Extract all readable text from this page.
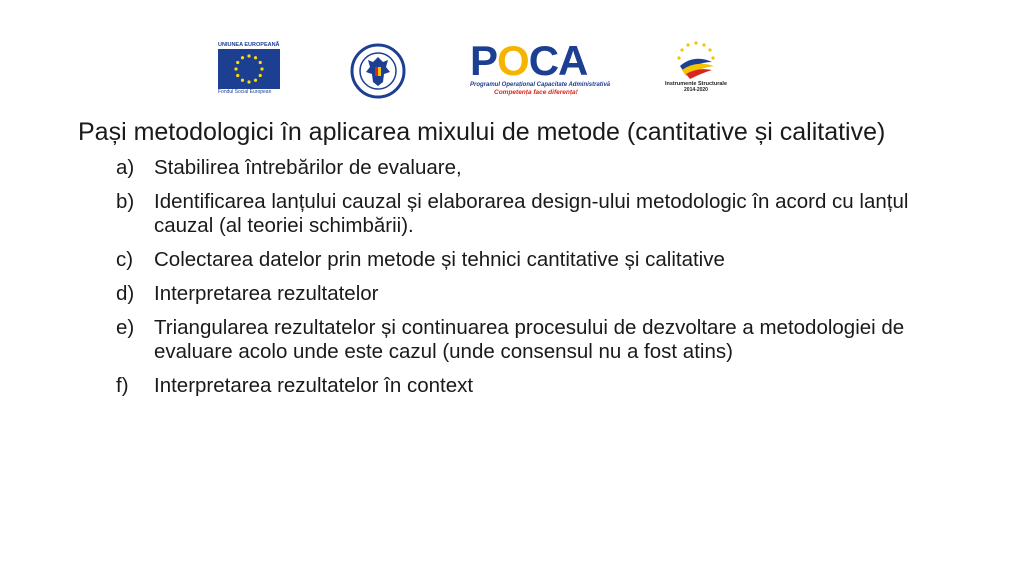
UNIUNEA EUROPEANĂ
Fondul Social European
POCA
Programul Operațional Capacitate Administrativă
Competența face diferența!
Instrumente Structurale
2014-2020
Pași metodologici în aplicarea mixului de metode (cantitative și calitative)
a) Stabilirea întrebărilor de evaluare,
b) Identificarea lanțului cauzal și elaborarea design-ului metodologic în acord cu lanțul cauzal (al teoriei schimbării).
c) Colectarea datelor prin metode și tehnici cantitative și calitative
d) Interpretarea rezultatelor
e) Triangularea rezultatelor și continuarea procesului de dezvoltare a metodologiei de evaluare acolo unde este cazul (unde consensul nu a fost atins)
f) Interpretarea rezultatelor în context
